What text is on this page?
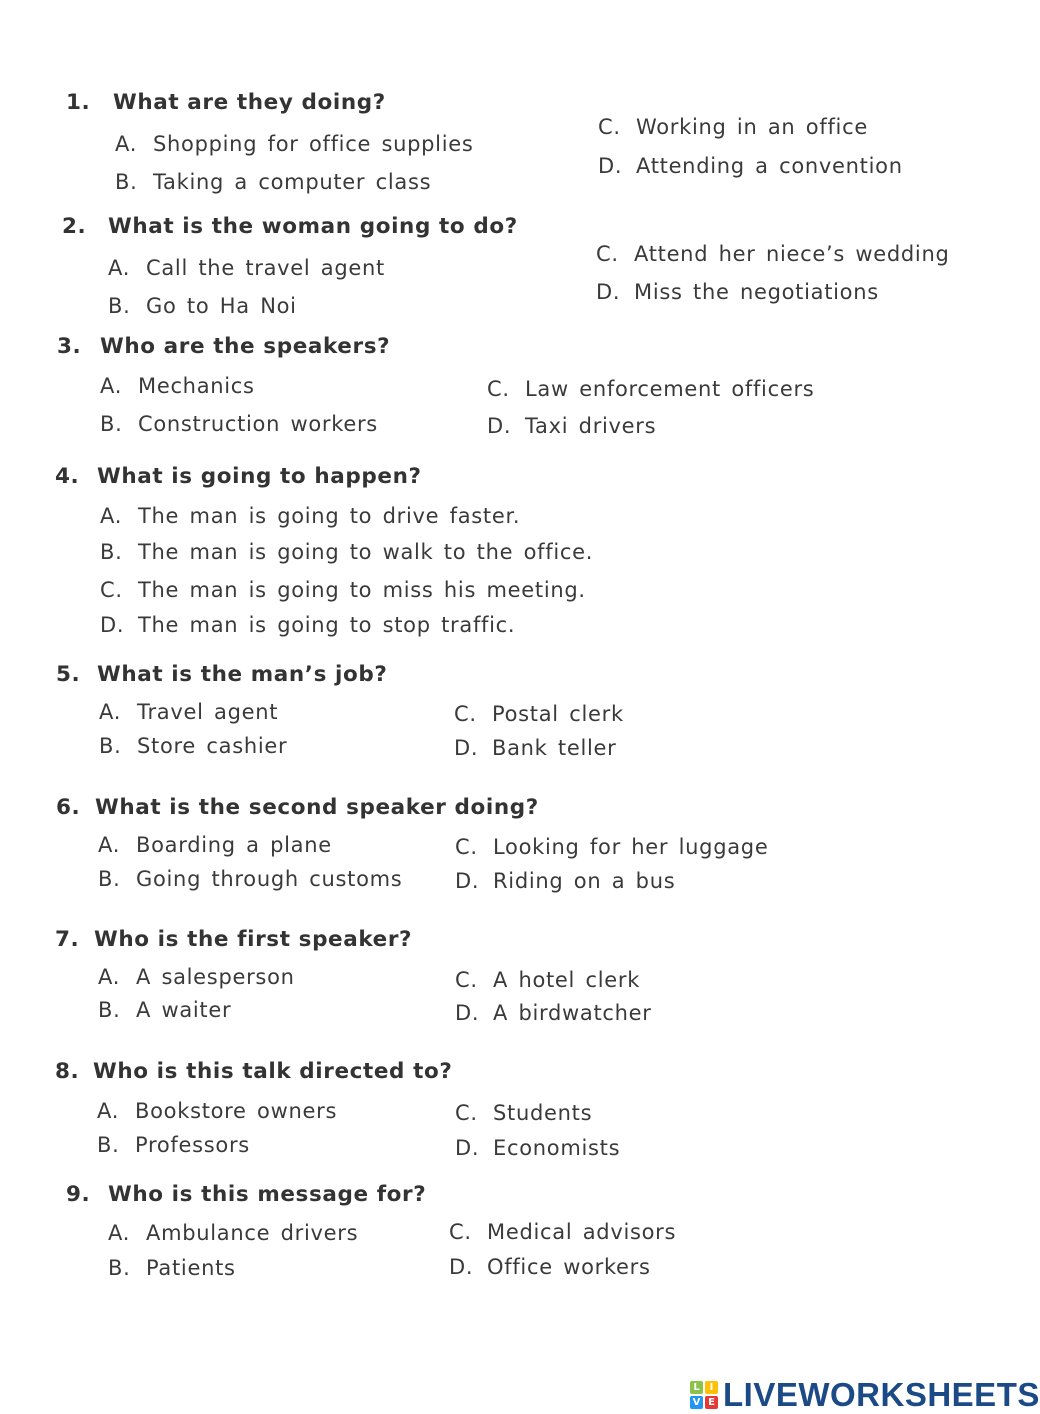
1. What are they doing?
A. Shopping for office supplies
B. Taking a computer class
C. Working in an office
D. Attending a convention
2. What is the woman going to do?
A. Call the travel agent
B. Go to Ha Noi
C. Attend her niece’s wedding
D. Miss the negotiations
3. Who are the speakers?
A. Mechanics
B. Construction workers
C. Law enforcement officers
D. Taxi drivers
4. What is going to happen?
A. The man is going to drive faster.
B. The man is going to walk to the office.
C. The man is going to miss his meeting.
D. The man is going to stop traffic.
5. What is the man’s job?
A. Travel agent
B. Store cashier
C. Postal clerk
D. Bank teller
6. What is the second speaker doing?
A. Boarding a plane
B. Going through customs
C. Looking for her luggage
D. Riding on a bus
7. Who is the first speaker?
A. A salesperson
B. A waiter
C. A hotel clerk
D. A birdwatcher
8. Who is this talk directed to?
A. Bookstore owners
B. Professors
C. Students
D. Economists
9. Who is this message for?
A. Ambulance drivers
B. Patients
C. Medical advisors
D. Office workers
L I
V E LIVEWORKSHEETS
